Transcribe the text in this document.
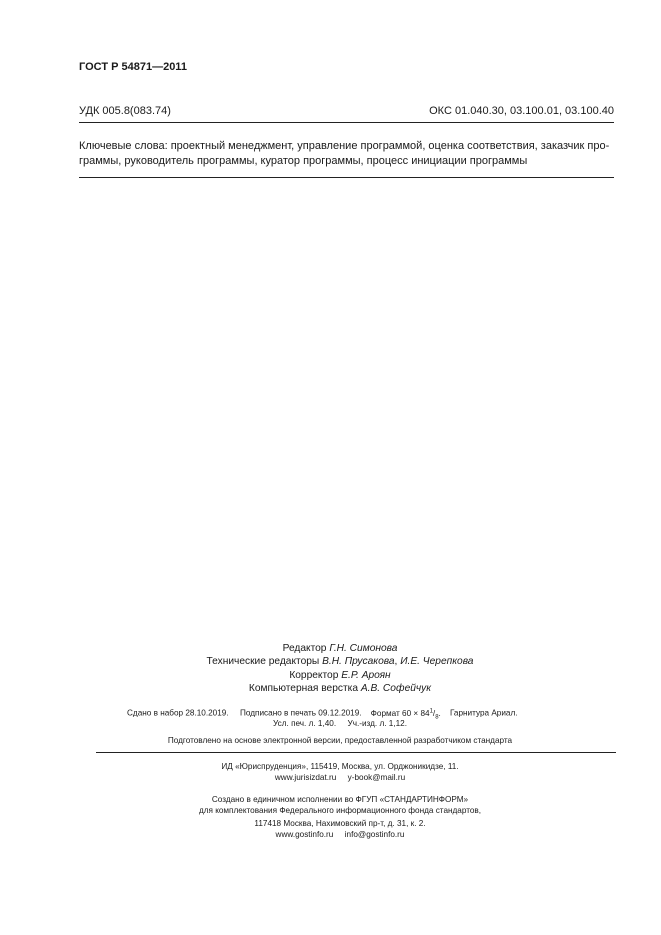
ГОСТ Р 54871—2011
УДК 005.8(083.74)	ОКС 01.040.30, 03.100.01, 03.100.40
Ключевые слова: проектный менеджмент, управление программой, оценка соответствия, заказчик про-
граммы, руководитель программы, куратор программы, процесс инициации программы
Редактор Г.Н. Симонова
Технические редакторы В.Н. Прусакова, И.Е. Черепкова
Корректор Е.Р. Ароян
Компьютерная верстка А.В. Софейчук
Сдано в набор 28.10.2019. Подписано в печать 09.12.2019. Формат $60 \times 84^1/_8$. Гарнитура Ариал.
Усл. печ. л. 1,40. Уч.-изд. л. 1,12.
Подготовлено на основе электронной версии, предоставленной разработчиком стандарта
ИД «Юриспруденция», 115419, Москва, ул. Орджоникидзе, 11.
www.jurisizdat.ru y-book@mail.ru
Создано в единичном исполнении во ФГУП «СТАНДАРТИНФОРМ»
для комплектования Федерального информационного фонда стандартов,
117418 Москва, Нахимовский пр-т, д. 31, к. 2.
www.gostinfo.ru info@gostinfo.ru
